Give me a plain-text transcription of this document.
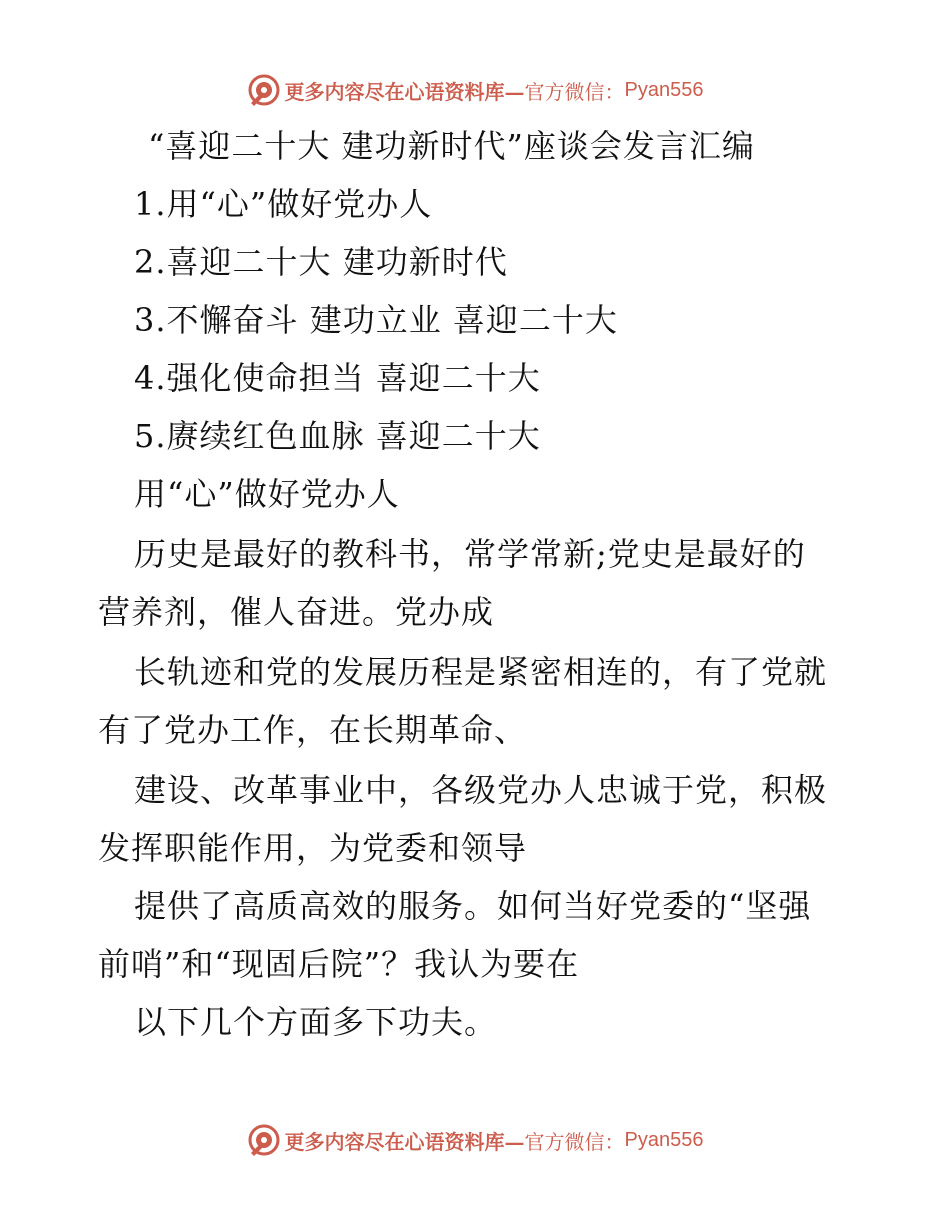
更多内容尽在心语资料库— 官方微信： Pyan556
“喜迎二十大 建功新时代”座谈会发言汇编
1.用“心”做好党办人
2.喜迎二十大 建功新时代
3.不懈奋斗 建功立业 喜迎二十大
4.强化使命担当 喜迎二十大
5.赓续红色血脉 喜迎二十大
用“心”做好党办人
历史是最好的教科书，常学常新;党史是最好的
营养剂，催人奋进。党办成
长轨迹和党的发展历程是紧密相连的，有了党就
有了党办工作，在长期革命、
建设、改革事业中，各级党办人忠诚于党，积极
发挥职能作用，为党委和领导
提供了高质高效的服务。如何当好党委的“坚强
前哨”和“现固后院”？我认为要在
以下几个方面多下功夫。
更多内容尽在心语资料库— 官方微信： Pyan556
